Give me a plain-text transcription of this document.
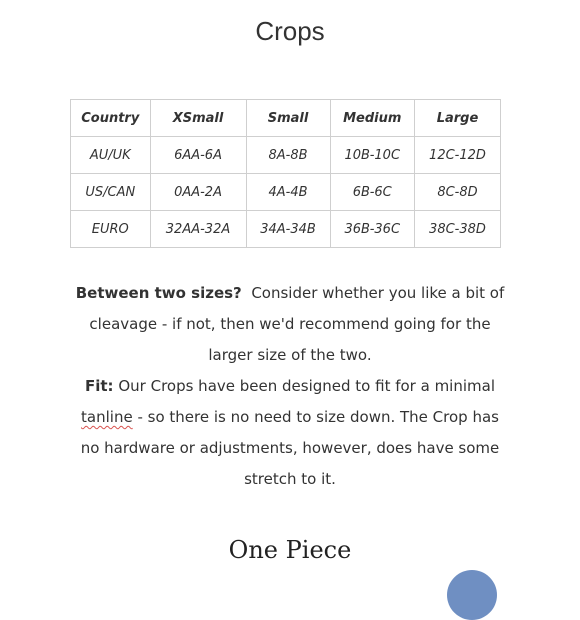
Crops
Country	XSmall	Small	Medium	Large
AU/UK	6AA-6A	8A-8B	10B-10C	12C-12D
US/CAN	0AA-2A	4A-4B	6B-6C	8C-8D
EURO	32AA-32A	34A-34B	36B-36C	38C-38D

Between two sizes? Consider whether you like a bit of cleavage - if not, then we'd recommend going for the larger size of the two.

Fit: Our Crops have been designed to fit for a minimal tanline - so there is no need to size down. The Crop has no hardware or adjustments, however, does have some stretch to it.

One Piece
